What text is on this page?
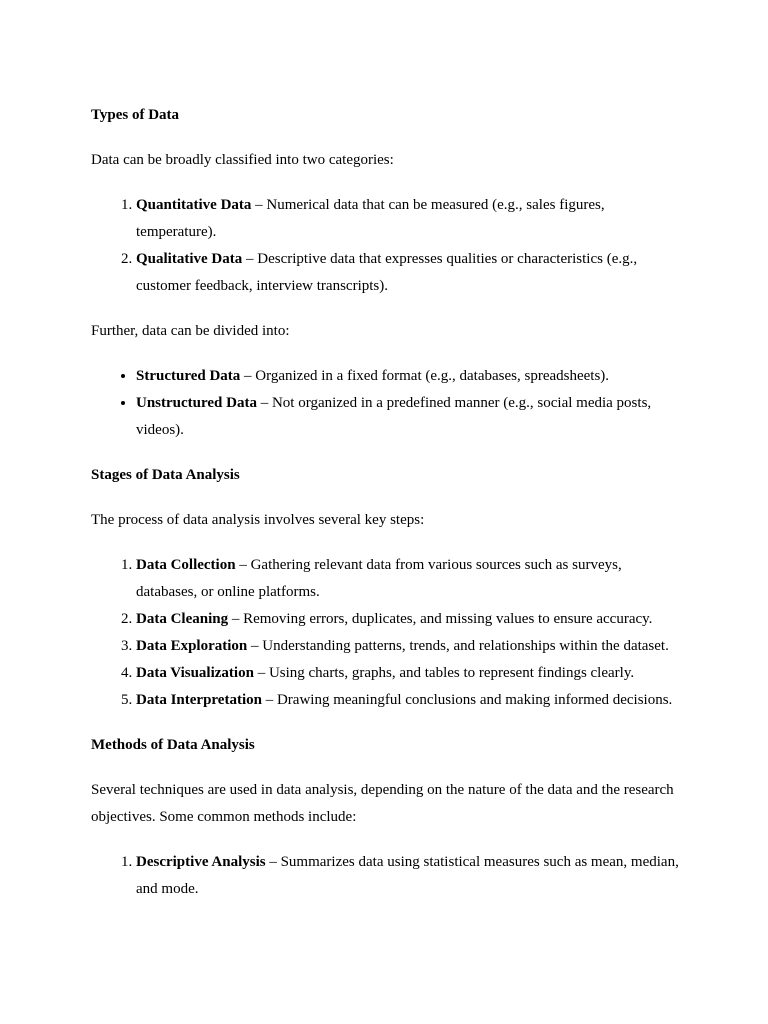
Types of Data

Data can be broadly classified into two categories:

1. Quantitative Data – Numerical data that can be measured (e.g., sales figures, temperature).
2. Qualitative Data – Descriptive data that expresses qualities or characteristics (e.g., customer feedback, interview transcripts).

Further, data can be divided into:

• Structured Data – Organized in a fixed format (e.g., databases, spreadsheets).
• Unstructured Data – Not organized in a predefined manner (e.g., social media posts, videos).
Stages of Data Analysis

The process of data analysis involves several key steps:

1. Data Collection – Gathering relevant data from various sources such as surveys, databases, or online platforms.
2. Data Cleaning – Removing errors, duplicates, and missing values to ensure accuracy.
3. Data Exploration – Understanding patterns, trends, and relationships within the dataset.
4. Data Visualization – Using charts, graphs, and tables to represent findings clearly.
5. Data Interpretation – Drawing meaningful conclusions and making informed decisions.
Methods of Data Analysis

Several techniques are used in data analysis, depending on the nature of the data and the research objectives. Some common methods include:

1. Descriptive Analysis – Summarizes data using statistical measures such as mean, median, and mode.
